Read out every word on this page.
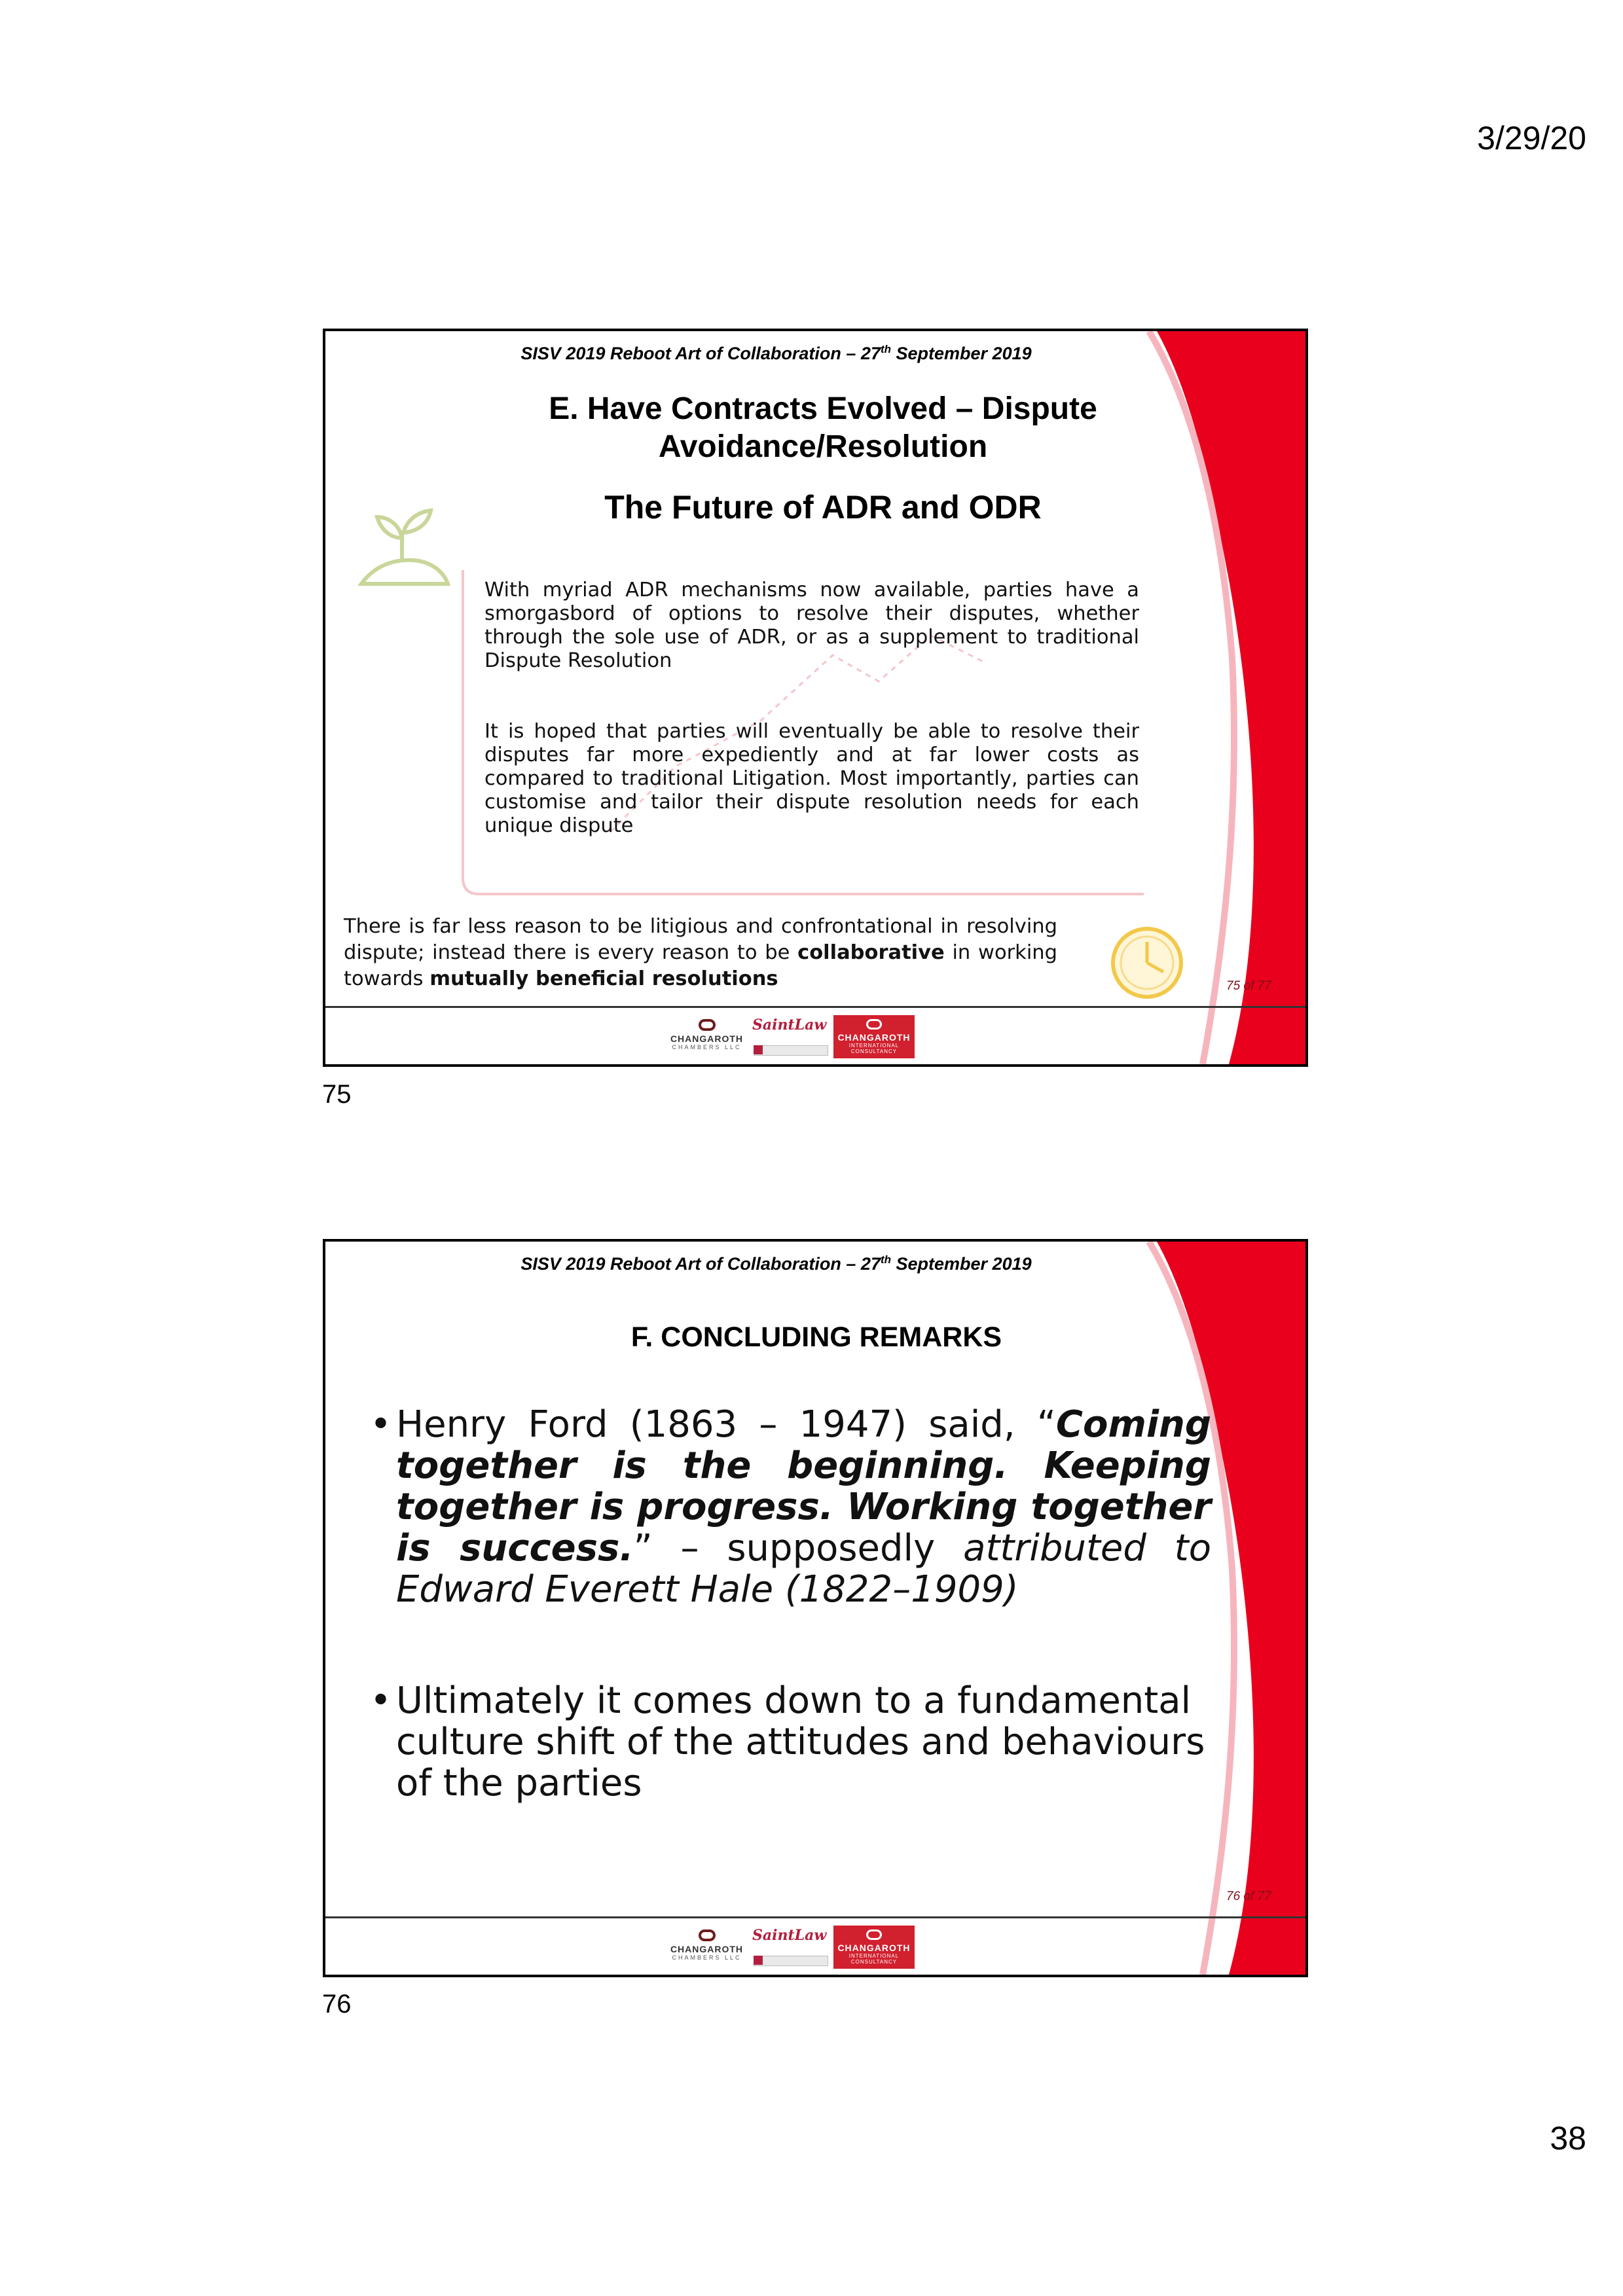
3/29/20
SISV 2019 Reboot Art of Collaboration – 27th September 2019
E. Have Contracts Evolved – Dispute Avoidance/Resolution
The Future of ADR and ODR
With myriad ADR mechanisms now available, parties have a smorgasbord of options to resolve their disputes, whether through the sole use of ADR, or as a supplement to traditional Dispute Resolution
It is hoped that parties will eventually be able to resolve their disputes far more expediently and at far lower costs as compared to traditional Litigation. Most importantly, parties can customise and tailor their dispute resolution needs for each unique dispute
There is far less reason to be litigious and confrontational in resolving dispute; instead there is every reason to be collaborative in working towards mutually beneficial resolutions	75 of 77
CHANGAROTH
CHAMBERS LLC
SaintLaw
CHANGAROTH
INTERNATIONAL CONSULTANCY
75
SISV 2019 Reboot Art of Collaboration – 27th September 2019
F. CONCLUDING REMARKS
• Henry Ford (1863 – 1947) said, “Coming together is the beginning. Keeping together is progress. Working together is success.” – supposedly attributed to Edward Everett Hale (1822–1909)
• Ultimately it comes down to a fundamental culture shift of the attitudes and behaviours of the parties
76 of 77
CHANGAROTH
CHAMBERS LLC
SaintLaw
CHANGAROTH
INTERNATIONAL CONSULTANCY
76
38
